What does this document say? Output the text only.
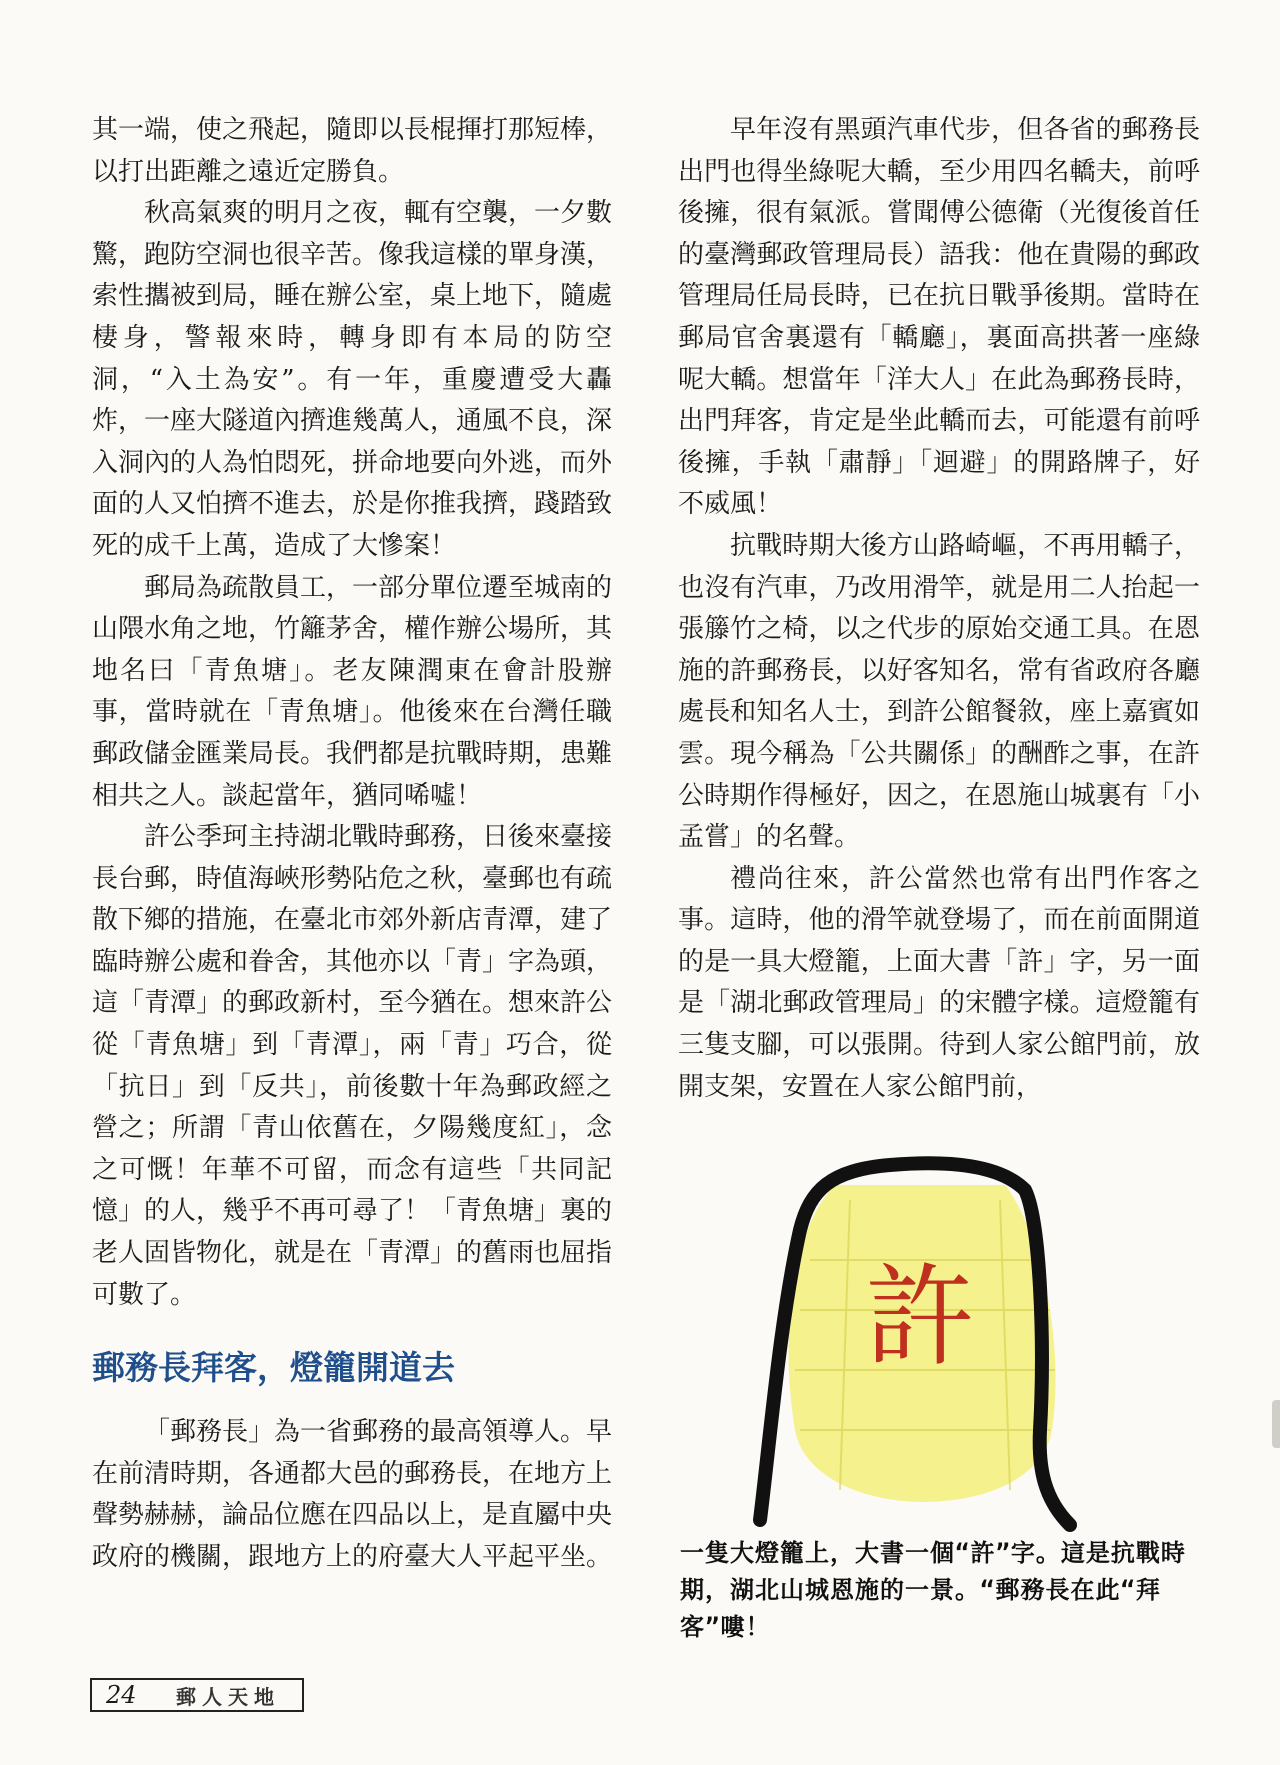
其一端，使之飛起，隨即以長棍揮打那短棒，以打出距離之遠近定勝負。

秋高氣爽的明月之夜，輒有空襲，一夕數驚，跑防空洞也很辛苦。像我這樣的單身漢，索性攜被到局，睡在辦公室，桌上地下，隨處棲身，警報來時，轉身即有本局的防空洞，“入土為安”。有一年，重慶遭受大轟炸，一座大隧道內擠進幾萬人，通風不良，深入洞內的人為怕悶死，拼命地要向外逃，而外面的人又怕擠不進去，於是你推我擠，踐踏致死的成千上萬，造成了大慘案！

郵局為疏散員工，一部分單位遷至城南的山隈水角之地，竹籬茅舍，權作辦公場所，其地名曰「青魚塘」。老友陳潤東在會計股辦事，當時就在「青魚塘」。他後來在台灣任職郵政儲金匯業局長。我們都是抗戰時期，患難相共之人。談起當年，猶同唏噓！

許公季珂主持湖北戰時郵務，日後來臺接長台郵，時值海峽形勢阽危之秋，臺郵也有疏散下鄉的措施，在臺北市郊外新店青潭，建了臨時辦公處和眷舍，其他亦以「青」字為頭，這「青潭」的郵政新村，至今猶在。想來許公從「青魚塘」到「青潭」，兩「青」巧合，從「抗日」到「反共」，前後數十年為郵政經之營之；所謂「青山依舊在，夕陽幾度紅」，念之可慨！年華不可留，而念有這些「共同記憶」的人，幾乎不再可尋了！「青魚塘」裏的老人固皆物化，就是在「青潭」的舊雨也屈指可數了。

郵務長拜客，燈籠開道去

「郵務長」為一省郵務的最高領導人。早在前清時期，各通都大邑的郵務長，在地方上聲勢赫赫，論品位應在四品以上，是直屬中央政府的機關，跟地方上的府臺大人平起平坐。

早年沒有黑頭汽車代步，但各省的郵務長出門也得坐綠呢大轎，至少用四名轎夫，前呼後擁，很有氣派。嘗聞傅公德衛（光復後首任的臺灣郵政管理局長）語我：他在貴陽的郵政管理局任局長時，已在抗日戰爭後期。當時在郵局官舍裏還有「轎廳」，裏面高拱著一座綠呢大轎。想當年「洋大人」在此為郵務長時，出門拜客，肯定是坐此轎而去，可能還有前呼後擁，手執「肅靜」「迴避」的開路牌子，好不威風！

抗戰時期大後方山路崎嶇，不再用轎子，也沒有汽車，乃改用滑竿，就是用二人抬起一張籐竹之椅，以之代步的原始交通工具。在恩施的許郵務長，以好客知名，常有省政府各廳處長和知名人士，到許公館餐敘，座上嘉賓如雲。現今稱為「公共關係」的酬酢之事，在許公時期作得極好，因之，在恩施山城裏有「小孟嘗」的名聲。

禮尚往來，許公當然也常有出門作客之事。這時，他的滑竿就登場了，而在前面開道的是一具大燈籠，上面大書「許」字，另一面是「湖北郵政管理局」的宋體字樣。這燈籠有三隻支腳，可以張開。待到人家公館門前，放開支架，安置在人家公館門前，

許
一隻大燈籠上，大書一個“許”字。這是抗戰時期，湖北山城恩施的一景。“郵務長在此“拜客”嘍！
24	郵人天地
